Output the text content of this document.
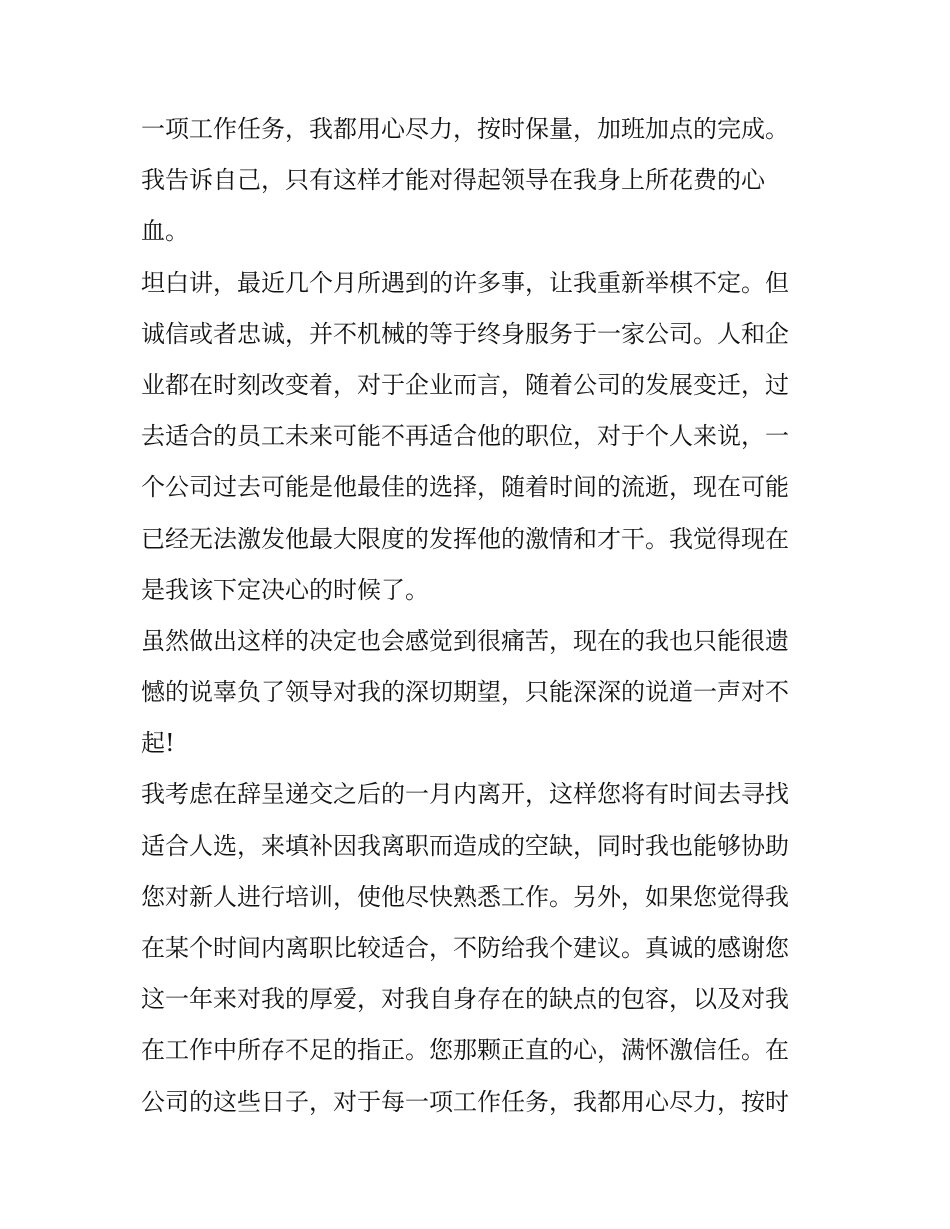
一项工作任务，我都用心尽力，按时保量，加班加点的完成。
我告诉自己，只有这样才能对得起领导在我身上所花费的心
血。
坦白讲，最近几个月所遇到的许多事，让我重新举棋不定。但
诚信或者忠诚，并不机械的等于终身服务于一家公司。人和企
业都在时刻改变着，对于企业而言，随着公司的发展变迁，过
去适合的员工未来可能不再适合他的职位，对于个人来说，一
个公司过去可能是他最佳的选择，随着时间的流逝，现在可能
已经无法激发他最大限度的发挥他的激情和才干。我觉得现在
是我该下定决心的时候了。
虽然做出这样的决定也会感觉到很痛苦，现在的我也只能很遗
憾的说辜负了领导对我的深切期望，只能深深的说道一声对不
起!
我考虑在辞呈递交之后的一月内离开，这样您将有时间去寻找
适合人选，来填补因我离职而造成的空缺，同时我也能够协助
您对新人进行培训，使他尽快熟悉工作。另外，如果您觉得我
在某个时间内离职比较适合，不防给我个建议。真诚的感谢您
这一年来对我的厚爱，对我自身存在的缺点的包容，以及对我
在工作中所存不足的指正。您那颗正直的心，满怀激信任。在
公司的这些日子，对于每一项工作任务，我都用心尽力，按时
